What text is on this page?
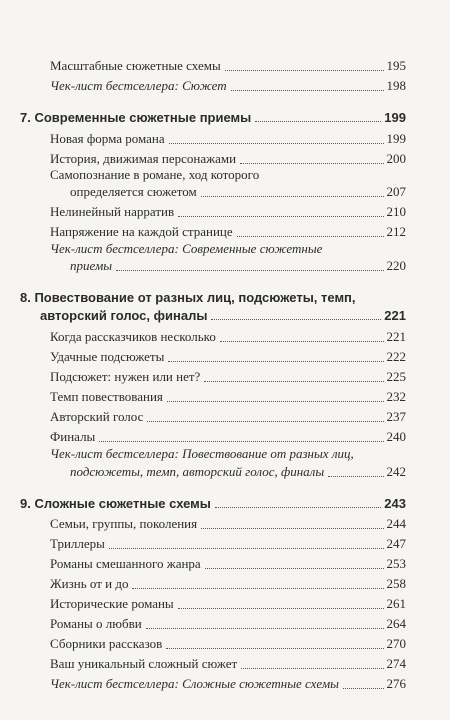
Масштабные сюжетные схемы	195
Чек-лист бестселлера: Сюжет	198
7. Современные сюжетные приемы	199
Новая форма романа	199
История, движимая персонажами	200
Самопознание в романе, ход которого
определяется сюжетом	207
Нелинейный нарратив	210
Напряжение на каждой странице	212
Чек-лист бестселлера: Современные сюжетные
приемы	220
8. Повествование от разных лиц, подсюжеты, темп,
авторский голос, финалы	221
Когда рассказчиков несколько	221
Удачные подсюжеты	222
Подсюжет: нужен или нет?	225
Темп повествования	232
Авторский голос	237
Финалы	240
Чек-лист бестселлера: Повествование от разных лиц,
подсюжеты, темп, авторский голос, финалы	242
9. Сложные сюжетные схемы	243
Семьи, группы, поколения	244
Триллеры	247
Романы смешанного жанра	253
Жизнь от и до	258
Исторические романы	261
Романы о любви	264
Сборники рассказов	270
Ваш уникальный сложный сюжет	274
Чек-лист бестселлера: Сложные сюжетные схемы	276
